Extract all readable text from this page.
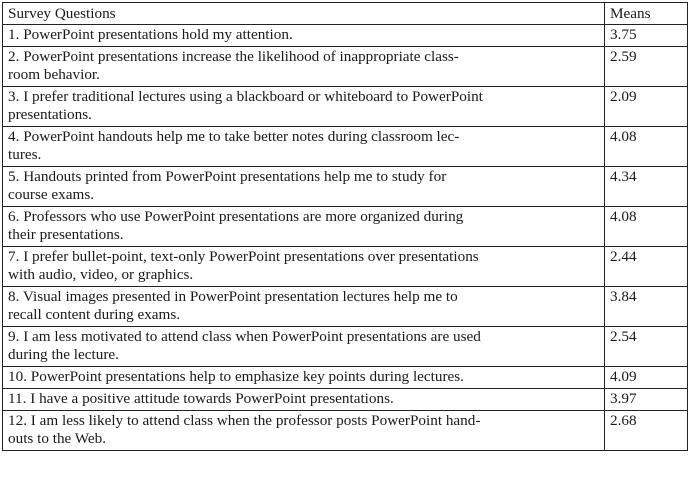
Survey Questions	Means
1. PowerPoint presentations hold my attention.	3.75
2. PowerPoint presentations increase the likelihood of inappropriate class-
room behavior.	2.59
3. I prefer traditional lectures using a blackboard or whiteboard to PowerPoint
presentations.	2.09
4. PowerPoint handouts help me to take better notes during classroom lec-
tures.	4.08
5. Handouts printed from PowerPoint presentations help me to study for
course exams.	4.34
6. Professors who use PowerPoint presentations are more organized during
their presentations.	4.08
7. I prefer bullet-point, text-only PowerPoint presentations over presentations
with audio, video, or graphics.	2.44
8. Visual images presented in PowerPoint presentation lectures help me to
recall content during exams.	3.84
9. I am less motivated to attend class when PowerPoint presentations are used
during the lecture.	2.54
10. PowerPoint presentations help to emphasize key points during lectures.	4.09
11. I have a positive attitude towards PowerPoint presentations.	3.97
12. I am less likely to attend class when the professor posts PowerPoint hand-
outs to the Web.	2.68
